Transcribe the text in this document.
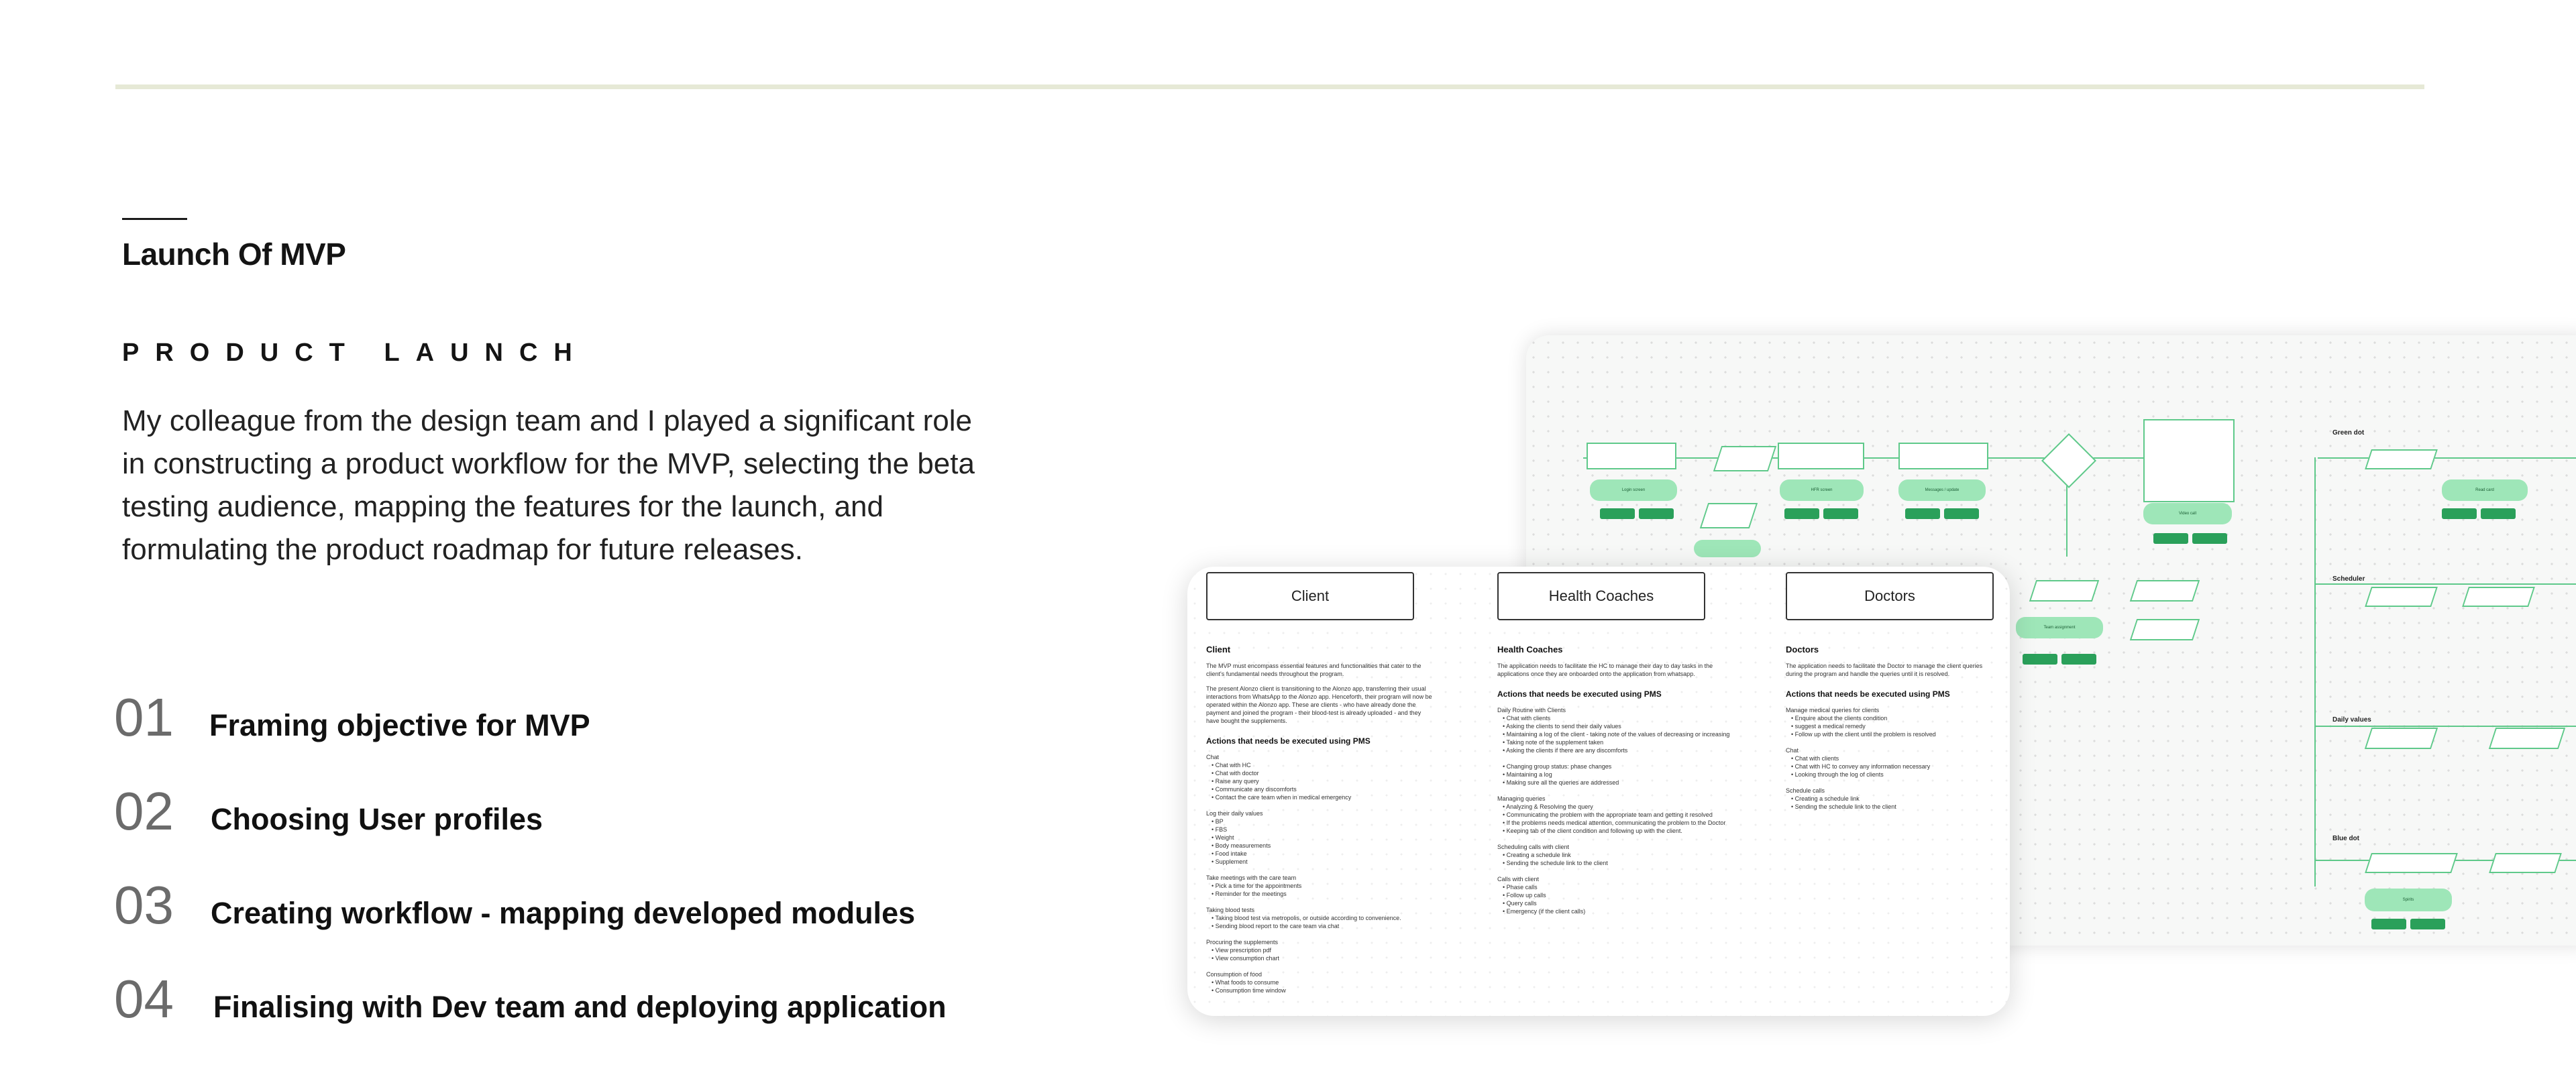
Launch Of MVP
PRODUCT LAUNCH
My colleague from the design team and I played a significant role in constructing a product workflow for the MVP, selecting the beta testing audience, mapping the features for the launch, and formulating the product roadmap for future releases.
01	Framing objective for MVP
02	Choosing User profiles
03	Creating workflow - mapping developed modules
04	Finalising with Dev team and deploying application
Login screen	HFR screen	Messages / update
Video call
Team assignment
Read card
Spirits
Green dot
Scheduler
Daily values
Blue dot
Client	Health Coaches	Doctors
Client

The MVP must encompass essential features and functionalities that cater to the client's fundamental needs throughout the program.

The present Alonzo client is transitioning to the Alonzo app, transferring their usual interactions from WhatsApp to the Alonzo app. Henceforth, their program will now be operated within the Alonzo app. These are clients - who have already done the payment and joined the program - their blood-test is already uploaded - and they have bought the supplements.

Actions that needs be executed using PMS
Chat
• Chat with HC
• Chat with doctor
• Raise any query
• Communicate any discomforts
• Contact the care team when in medical emergency
Log their daily values
• BP
• FBS
• Weight
• Body measurements
• Food intake
• Supplement
Take meetings with the care team
• Pick a time for the appointments
• Reminder for the meetings
Taking blood tests
• Taking blood test via metropolis, or outside according to convenience.
• Sending blood report to the care team via chat
Procuring the supplements
• View prescription pdf
• View consumption chart
Consumption of food
• What foods to consume
• Consumption time window
Health Coaches

The application needs to facilitate the HC to manage their day to day tasks in the applications once they are onboarded onto the application from whatsapp.

Actions that needs be executed using PMS
Daily Routine with Clients
• Chat with clients
• Asking the clients to send their daily values
• Maintaining a log of the client - taking note of the values of decreasing or increasing
• Taking note of the supplement taken
• Asking the clients if there are any discomforts
• Changing group status: phase changes
• Maintaining a log
• Making sure all the queries are addressed
Managing queries
• Analyzing & Resolving the query
• Communicating the problem with the appropriate team and getting it resolved
• If the problems needs medical attention, communicating the problem to the Doctor
• Keeping tab of the client condition and following up with the client.
Scheduling calls with client
• Creating a schedule link
• Sending the schedule link to the client
Calls with client
• Phase calls
• Follow up calls
• Query calls
• Emergency (if the client calls)
Doctors

The application needs to facilitate the Doctor to manage the client queries during the program and handle the queries until it is resolved.

Actions that needs be executed using PMS
Manage medical queries for clients
• Enquire about the clients condition
• suggest a medical remedy
• Follow up with the client until the problem is resolved
Chat
• Chat with clients
• Chat with HC to convey any information necessary
• Looking through the log of clients
Schedule calls
• Creating a schedule link
• Sending the schedule link to the client
